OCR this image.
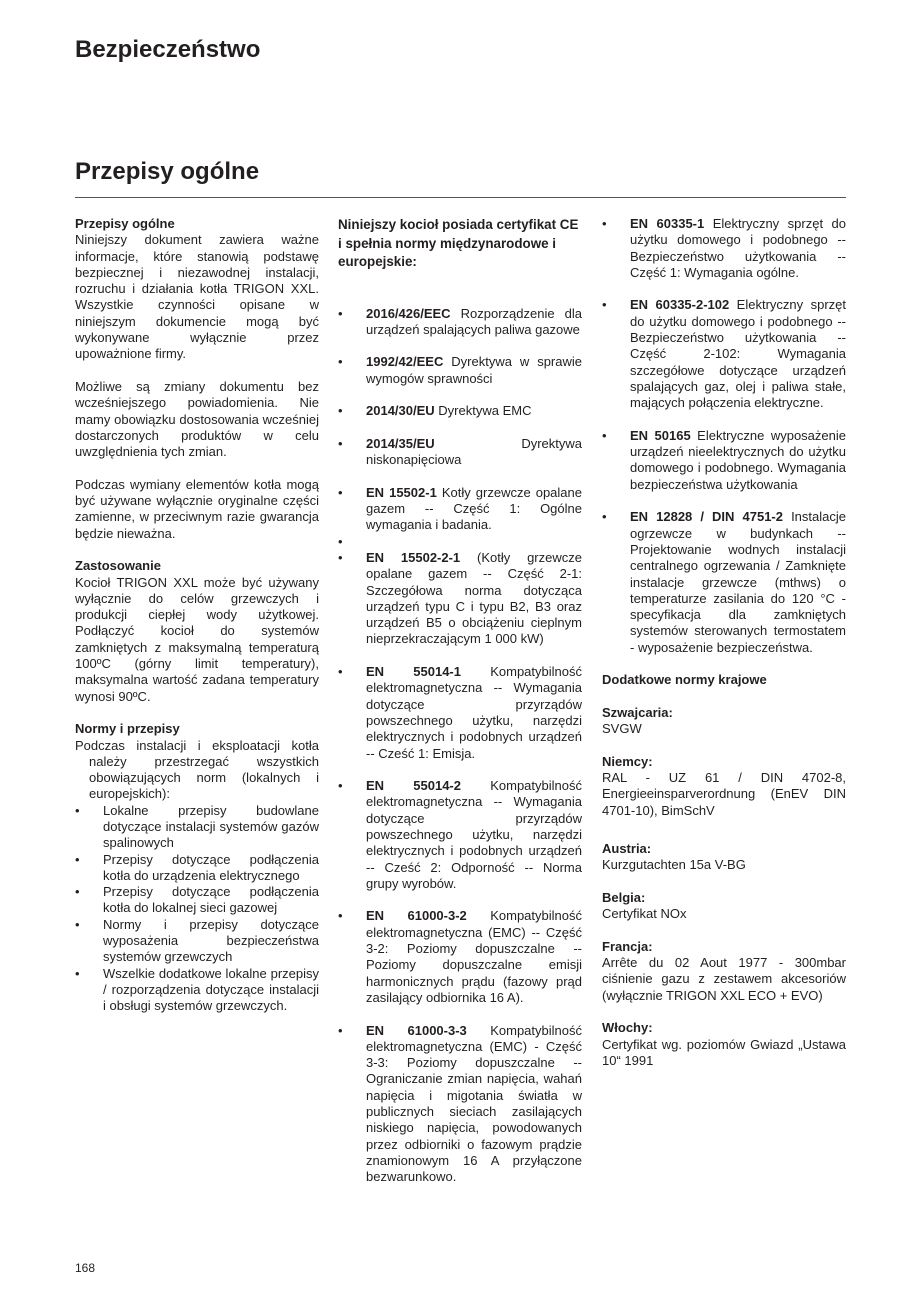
Bezpieczeństwo
Przepisy ogólne
Przepisy ogólne

Niniejszy dokument zawiera ważne informacje, które stanowią podstawę bezpiecznej i niezawodnej instalacji, rozruchu i działania kotła TRIGON XXL. Wszystkie czynności opisane w niniejszym dokumencie mogą być wykonywane wyłącznie przez upoważnione firmy.

Możliwe są zmiany dokumentu bez wcześniejszego powiadomienia. Nie mamy obowiązku dostosowania wcześniej dostarczonych produktów w celu uwzględnienia tych zmian.

Podczas wymiany elementów kotła mogą być używane wyłącznie oryginalne części zamienne, w przeciwnym razie gwarancja będzie nieważna.

Zastosowanie

Kocioł TRIGON XXL może być używany wyłącznie do celów grzewczych i produkcji ciepłej wody użytkowej. Podłączyć kocioł do systemów zamkniętych z maksymalną temperaturą 100ºC (górny limit temperatury), maksymalna wartość zadana temperatury wynosi 90ºC.

Normy i przepisy
Podczas instalacji i eksploatacji kotła należy przestrzegać wszystkich obowiązujących norm (lokalnych i europejskich):
• Lokalne przepisy budowlane dotyczące instalacji systemów gazów spalinowych
• Przepisy dotyczące podłączenia kotła do urządzenia elektrycznego
• Przepisy dotyczące podłączenia kotła do lokalnej sieci gazowej
• Normy i przepisy dotyczące wyposażenia bezpieczeństwa systemów grzewczych
• Wszelkie dodatkowe lokalne przepisy / rozporządzenia dotyczące instalacji i obsługi systemów grzewczych.

Niniejszy kocioł posiada certyfikat CE i spełnia normy międzynarodowe i europejskie:

• 2016/426/EEC Rozporządzenie dla urządzeń spalających paliwa gazowe
• 1992/42/EEC Dyrektywa w sprawie wymogów sprawności
• 2014/30/EU Dyrektywa EMC
• 2014/35/EU Dyrektywa niskonapięciowa
• EN 15502-1 Kotły grzewcze opalane gazem -- Część 1: Ogólne wymagania i badania.
•

• EN 15502-2-1 (Kotły grzewcze opalane gazem -- Część 2-1: Szczegółowa norma dotycząca urządzeń typu C i typu B2, B3 oraz urządzeń B5 o obciążeniu cieplnym nieprzekraczającym 1 000 kW)
• EN 55014-1 Kompatybilność elektromagnetyczna -- Wymagania dotyczące przyrządów powszechnego użytku, narzędzi elektrycznych i podobnych urządzeń -- Cześć 1: Emisja.
• EN 55014-2 Kompatybilność elektromagnetyczna -- Wymagania dotyczące przyrządów powszechnego użytku, narzędzi elektrycznych i podobnych urządzeń -- Cześć 2: Odporność -- Norma grupy wyrobów.
• EN 61000-3-2 Kompatybilność elektromagnetyczna (EMC) -- Część 3-2: Poziomy dopuszczalne -- Poziomy dopuszczalne emisji harmonicznych prądu (fazowy prąd zasilający odbiornika 16 A).
• EN 61000-3-3 Kompatybilność elektromagnetyczna (EMC) - Część 3-3: Poziomy dopuszczalne -- Ograniczanie zmian napięcia, wahań napięcia i migotania światła w publicznych sieciach zasilających niskiego napięcia, powodowanych przez odbiorniki o fazowym prądzie znamionowym 16 A przyłączone bezwarunkowo.
• EN 60335-1 Elektryczny sprzęt do użytku domowego i podobnego -- Bezpieczeństwo użytkowania -- Część 1: Wymagania ogólne.
• EN 60335-2-102 Elektryczny sprzęt do użytku domowego i podobnego -- Bezpieczeństwo użytkowania -- Część 2-102: Wymagania szczegółowe dotyczące urządzeń spalających gaz, olej i paliwa stałe, mających połączenia elektryczne.
• EN 50165 Elektryczne wyposażenie urządzeń nieelektrycznych do użytku domowego i podobnego. Wymagania bezpieczeństwa użytkowania
• EN 12828 / DIN 4751-2 Instalacje ogrzewcze w budynkach -- Projektowanie wodnych instalacji centralnego ogrzewania / Zamknięte instalacje grzewcze (mthws) o temperaturze zasilania do 120 °C - specyfikacja dla zamkniętych systemów sterowanych termostatem - wyposażenie bezpieczeństwa.
Dodatkowe normy krajowe
Szwajcaria:
SVGW
Niemcy:
RAL - UZ 61 / DIN 4702-8, Energieeinsparverordnung (EnEV DIN 4701-10), BimSchV
Austria:
Kurzgutachten 15a V-BG
Belgia:
Certyfikat NOx
Francja:
Arrête du 02 Aout 1977 - 300mbar ciśnienie gazu z zestawem akcesoriów (wyłącznie TRIGON XXL ECO + EVO)
Włochy:
Certyfikat wg. poziomów Gwiazd „Ustawa 10“ 1991
168
